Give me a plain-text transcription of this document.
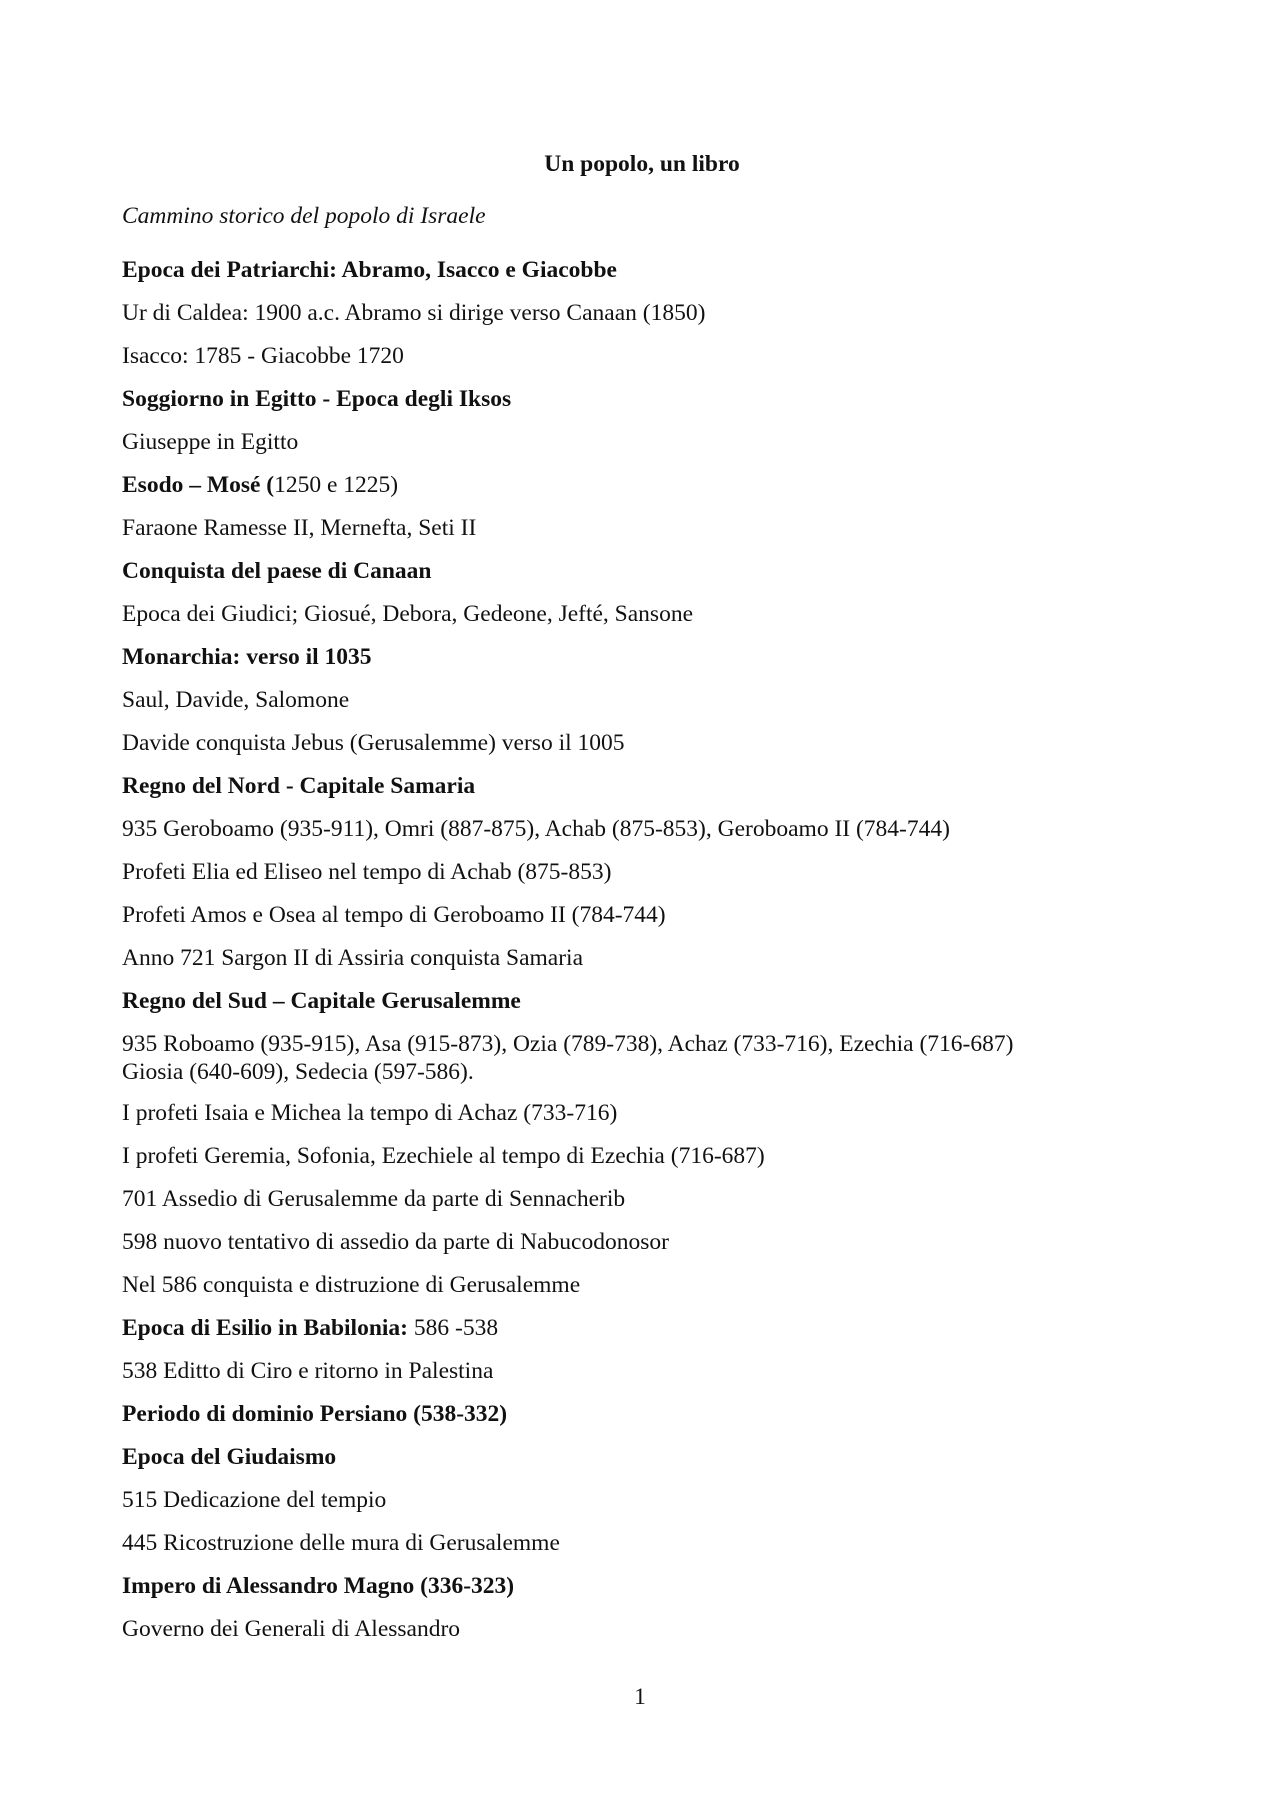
Un popolo, un libro
Cammino storico del popolo di Israele
Epoca dei Patriarchi: Abramo, Isacco e Giacobbe
Ur di Caldea: 1900 a.c. Abramo si dirige verso Canaan (1850)
Isacco: 1785 - Giacobbe 1720
Soggiorno in Egitto - Epoca degli Iksos
Giuseppe in Egitto
Esodo – Mosé (1250 e 1225)
Faraone Ramesse II, Mernefta, Seti II
Conquista del paese di Canaan
Epoca dei Giudici; Giosué, Debora, Gedeone, Jefté, Sansone
Monarchia: verso il 1035
Saul, Davide, Salomone
Davide conquista Jebus (Gerusalemme) verso il 1005
Regno del Nord - Capitale Samaria
935 Geroboamo (935-911), Omri (887-875), Achab (875-853), Geroboamo II (784-744)
Profeti Elia ed Eliseo nel tempo di Achab (875-853)
Profeti Amos e Osea al tempo di Geroboamo II (784-744)
Anno 721 Sargon II di Assiria conquista Samaria
Regno del Sud – Capitale Gerusalemme
935 Roboamo (935-915), Asa (915-873), Ozia (789-738), Achaz (733-716), Ezechia (716-687)
Giosia (640-609), Sedecia (597-586).
I profeti Isaia e Michea la tempo di Achaz (733-716)
I profeti Geremia, Sofonia, Ezechiele al tempo di Ezechia (716-687)
701 Assedio di Gerusalemme da parte di Sennacherib
598 nuovo tentativo di assedio da parte di Nabucodonosor
Nel 586 conquista e distruzione di Gerusalemme
Epoca di Esilio in Babilonia: 586 -538
538 Editto di Ciro e ritorno in Palestina
Periodo di dominio Persiano (538-332)
Epoca del Giudaismo
515 Dedicazione del tempio
445 Ricostruzione delle mura di Gerusalemme
Impero di Alessandro Magno (336-323)
Governo dei Generali di Alessandro
1
